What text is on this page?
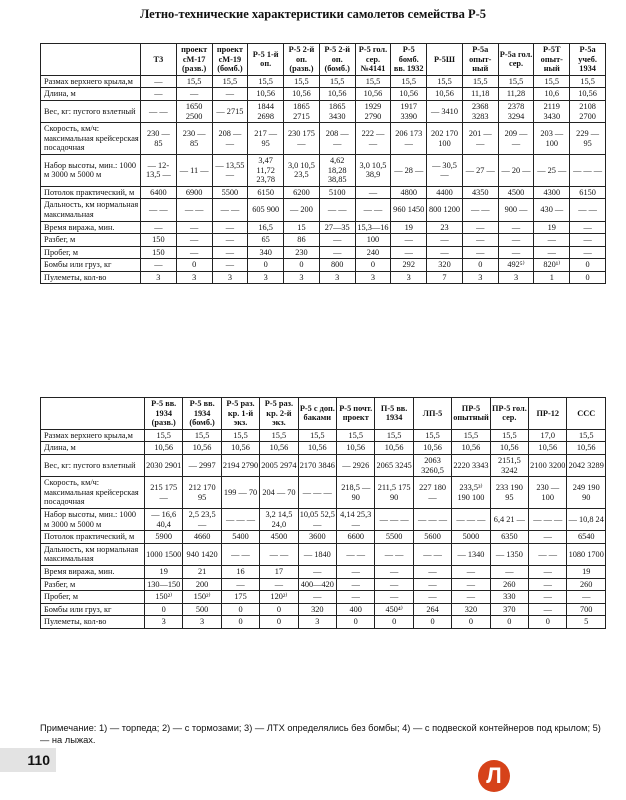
Летно-технические характеристики самолетов семейства Р-5
	Т3	проект сМ-17 (разв.)	проект сМ-19 (бомб.)	Р-5 1-й оп.	Р-5 2-й оп. (разв.)	Р-5 2-й оп. (бомб.)	Р-5 гол. сер. №4141	Р-5 бомб. вв. 1932	Р-5Ш	Р-5а опыт-ный	Р-5а гол. сер.	Р-5Т опыт-ный	Р-5а учеб. 1934
Размах верхнего крыла,м	—	15,5	15,5	15,5	15,5	15,5	15,5	15,5	15,5	15,5	15,5	15,5	15,5
Длина, м	—	—	—	10,56	10,56	10,56	10,56	10,56	10,56	11,18	11,28	10,6	10,56
Вес, кг: пустого взлетный	— —	1650 2500	— 2715	1844 2698	1865 2715	1865 3430	1929 2790	1917 3390	— 3410	2368 3283	2378 3294	2119 3430	2108 2700
Скорость, км/ч: максимальная крейсерская посадочная	230 — 85	230 — 85	208 — —	217 — 95	230 175 —	208 — —	222 — —	206 173 —	202 170 100	201 — —	209 — —	203 — 100	229 — 95
Набор высоты, мин.: 1000 м 3000 м 5000 м	— 12-13,5 —	— 11 —	— 13,55 —	3,47 11,72 23,78	3,0 10,5 23,5	4,62 18,28 38,85	3,0 10,5 38,9	— 28 —	— 30,5 —	— 27 —	— 20 —	— 25 —	— — —
Потолок практический, м	6400	6900	5500	6150	6200	5100	—	4800	4400	4350	4500	4300	6150
Дальность, км нормальная максимальная	— —	— —	— —	605 900	— 200	— —	— —	960 1450	800 1200	— —	900 —	430 —	— —
Время виража, мин.	—	—	—	16,5	15	27—35	15,3—16	19	23	—	—	19	—
Разбег, м	150	—	—	65	86	—	100	—	—	—	—	—	—
Пробег, м	150	—	—	340	230	—	240	—	—	—	—	—	—
Бомбы или груз, кг	—	0	—	0	0	800	0	292	320	0	492⁵⁾	820¹⁾	0
Пулеметы, кол-во	3	3	3	3	3	3	3	3	7	3	3	1	0
	Р-5 вв. 1934 (разв.)	Р-5 вв. 1934 (бомб.)	Р-5 раз. кр. 1-й экз.	Р-5 раз. кр. 2-й экз.	Р-5 с доп. баками	Р-5 почт. проект	П-5 вв. 1934	ЛП-5	ПР-5 опытный	ПР-5 гол. сер.	ПР-12	ССС
Размах верхнего крыла,м	15,5	15,5	15,5	15,5	15,5	15,5	15,5	15,5	15,5	15,5	17,0	15,5
Длина, м	10,56	10,56	10,56	10,56	10,56	10,56	10,56	10,56	10,56	10,56	10,56	10,56
Вес, кг: пустого взлетный	2030 2901	— 2997	2194 2790	2005 2974	2170 3846	— 2926	2065 3245	2063 3260,5	2220 3343	2151,5 3242	2100 3200	2042 3289
Скорость, км/ч: максимальная крейсерская посадочная	215 175 —	212 170 95	199 — 70	204 — 70	— — —	218,5 — 90	211,5 175 90	227 180 —	233,5³⁾ 190 100	233 190 95	230 — 100	249 190 90
Набор высоты, мин.: 1000 м 3000 м 5000 м	— 16,6 40,4	2,5 23,5 —	— — —	3,2 14,5 24,0	10,05 52,5 —	4,14 25,3 —	— — —	— — —	— — —	6,4 21 —	— — —	— 10,8 24
Потолок практический, м	5900	4660	5400	4500	3600	6600	5500	5600	5000	6350	—	6540
Дальность, км нормальная максимальная	1000 1500	940 1420	— —	— —	— 1840	— —	— —	— —	— 1340	— 1350	— —	1080 1700
Время виража, мин.	19	21	16	17	—	—	—	—	—	—	—	19
Разбег, м	130—150	200	—	—	400—420	—	—	—	—	260	—	260
Пробег, м	150²⁾	150²⁾	175	120²⁾	—	—	—	—	—	330	—	—
Бомбы или груз, кг	0	500	0	0	320	400	450⁴⁾	264	320	370	—	700
Пулеметы, кол-во	3	3	0	0	3	0	0	0	0	0	0	5
Примечание: 1) — торпеда; 2) — с тормозами; 3) — ЛТХ определялись без бомбы; 4) — с подвеской контейнеров под крылом; 5) — на лыжах.
110
Л
